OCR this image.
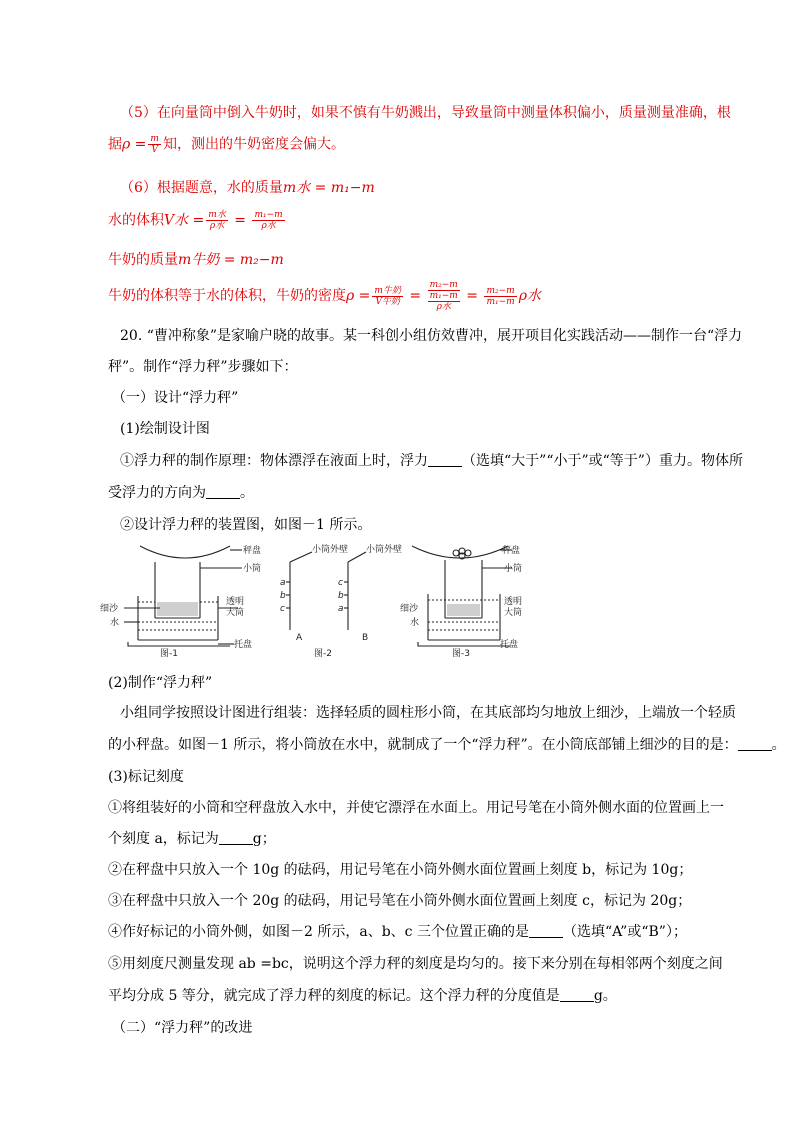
（5）在向量筒中倒入牛奶时，如果不慎有牛奶溅出，导致量筒中测量体积偏小，质量测量准确，根
据$\rho = \frac{m}{V}$ 知，测出的牛奶密度会偏大。
（6）根据题意，水的质量m水 = m₁−m
水的体积V水 = $\frac{\text{m水}}{\text{ρ水}} = \frac{\text{m₁−m}}{\text{ρ水}}$
牛奶的质量m牛奶 = m₂−m
牛奶的体积等于水的体积，牛奶的密度$\rho = \frac{\text{m牛奶}}{\text{V牛奶}}$ =
m₂−m
m₁−m
ρ水
= $\frac{\text{m₂−m}}{\text{m₁−m}}$ ρ水
20. “曹冲称象”是家喻户晓的故事。某一科创小组仿效曹冲，展开项目化实践活动——制作一台“浮力
秤”。制作“浮力秤”步骤如下：
（一）设计“浮力秤”
(1)绘制设计图
①浮力秤的制作原理：物体漂浮在液面上时，浮力 （选填“大于”“小于”或“等于”）重力。物体所
受浮力的方向为 。
②设计浮力秤的装置图，如图－1 所示。
秤盘
小筒
透明
大筒
细沙
水
托盘
图-1
小筒外壁 小筒外壁
a
b
c
c
b
a
A	B
图-2
秤盘
小筒
透明
大筒
细沙
水
托盘
图-3
(2)制作“浮力秤”
小组同学按照设计图进行组装：选择轻质的圆柱形小筒，在其底部均匀地放上细沙，上端放一个轻质
的小秤盘。如图－1 所示，将小筒放在水中，就制成了一个“浮力秤”。在小筒底部铺上细沙的目的是： 。
(3)标记刻度
①将组装好的小筒和空秤盘放入水中，并使它漂浮在水面上。用记号笔在小筒外侧水面的位置画上一
个刻度 a，标记为 g；
②在秤盘中只放入一个 10g 的砝码，用记号笔在小筒外侧水面位置画上刻度 b，标记为 10g；
③在秤盘中只放入一个 20g 的砝码，用记号笔在小筒外侧水面位置画上刻度 c，标记为 20g；
④作好标记的小筒外侧，如图－2 所示，a、b、c 三个位置正确的是 （选填“A”或“B”）；
⑤用刻度尺测量发现 ab =bc，说明这个浮力秤的刻度是均匀的。接下来分别在每相邻两个刻度之间
平均分成 5 等分，就完成了浮力秤的刻度的标记。这个浮力秤的分度值是 g。
（二）“浮力秤”的改进
